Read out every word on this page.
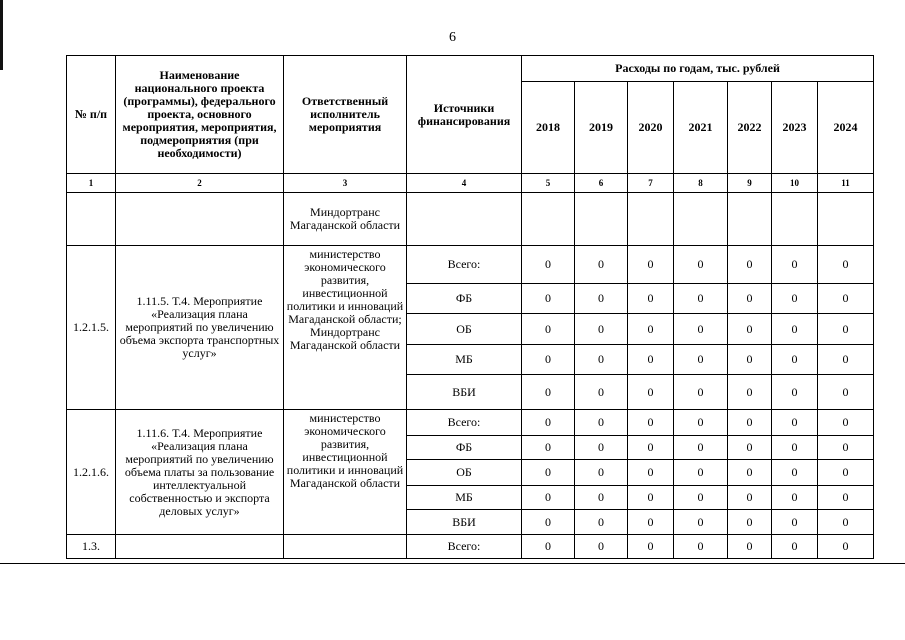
6
№ п/п	Наименование национального проекта (программы), федерального проекта, основного мероприятия, мероприятия, подмероприятия (при необходимости)	Ответственный исполнитель мероприятия	Источники финансирования	Расходы по годам, тыс. рублей						
				2018	2019	2020	2021	2022	2023	2024
1	2	3	4	5	6	7	8	9	10	11
		Миндортранс Магаданской области								
1.2.1.5.	1.11.5. Т.4. Мероприятие «Реализация плана мероприятий по увеличению объема экспорта транспортных услуг»	министерство экономического развития, инвестиционной политики и инноваций Магаданской области; Миндортранс Магаданской области	Всего:	0	0	0	0	0	0	0
			ФБ	0	0	0	0	0	0	0
			ОБ	0	0	0	0	0	0	0
			МБ	0	0	0	0	0	0	0
			ВБИ	0	0	0	0	0	0	0
1.2.1.6.	1.11.6. Т.4. Мероприятие «Реализация плана мероприятий по увеличению объема платы за пользование интеллектуальной собственностью и экспорта деловых услуг»	министерство экономического развития, инвестиционной политики и инноваций Магаданской области	Всего:	0	0	0	0	0	0	0
			ФБ	0	0	0	0	0	0	0
			ОБ	0	0	0	0	0	0	0
			МБ	0	0	0	0	0	0	0
			ВБИ	0	0	0	0	0	0	0
1.3.			Всего:	0	0	0	0	0	0	0
